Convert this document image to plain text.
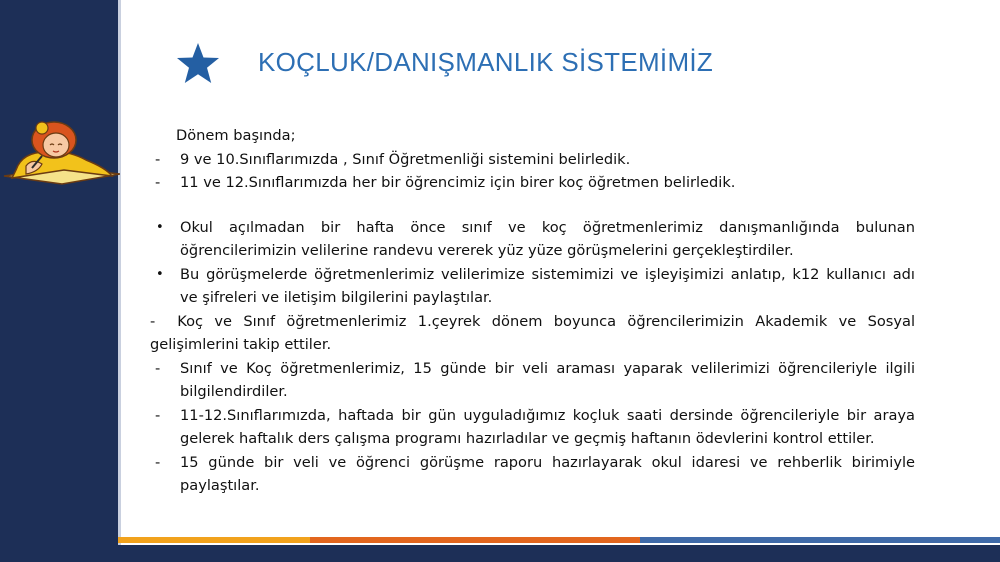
KOÇLUK/DANIŞMANLIK SİSTEMİMİZ
Dönem başında;
- 9 ve 10.Sınıflarımızda , Sınıf Öğretmenliği sistemini belirledik.
- 11 ve 12.Sınıflarımızda her bir öğrencimiz için birer koç öğretmen belirledik.
• Okul açılmadan bir hafta önce sınıf ve koç öğretmenlerimiz danışmanlığında bulunan öğrencilerimizin velilerine randevu vererek yüz yüze görüşmelerini gerçekleştirdiler.
• Bu görüşmelerde öğretmenlerimiz velilerimize sistemimizi ve işleyişimizi anlatıp, k12 kullanıcı adı ve şifreleri ve iletişim bilgilerini paylaştılar.
- Koç ve Sınıf öğretmenlerimiz 1.çeyrek dönem boyunca öğrencilerimizin Akademik ve Sosyal gelişimlerini takip ettiler.
- Sınıf ve Koç öğretmenlerimiz, 15 günde bir veli araması yaparak velilerimizi öğrencileriyle ilgili bilgilendirdiler.
- 11-12.Sınıflarımızda, haftada bir gün uyguladığımız koçluk saati dersinde öğrencileriyle bir araya gelerek haftalık ders çalışma programı hazırladılar ve geçmiş haftanın ödevlerini kontrol ettiler.
- 15 günde bir veli ve öğrenci görüşme raporu hazırlayarak okul idaresi ve rehberlik birimiyle paylaştılar.
